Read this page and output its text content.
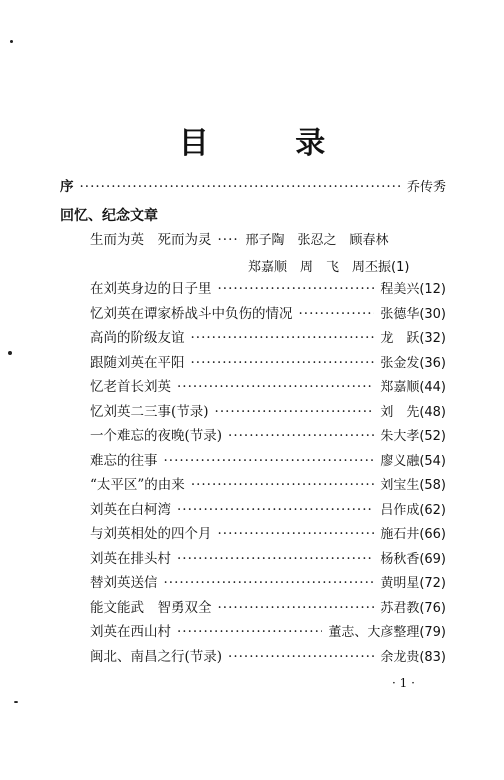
目 录
序 ·····	乔传秀
回忆、纪念文章
生而为英　死而为灵 ·····	邢子陶　张忍之　顾春林
郑嘉顺　周　飞　周丕振(1)
在刘英身边的日子里 ·····	程美兴(12)
忆刘英在谭家桥战斗中负伤的情况 ·····	张德华(30)
高尚的阶级友谊 ·····	龙　跃(32)
跟随刘英在平阳 ·····	张金发(36)
忆老首长刘英 ·····	郑嘉顺(44)
忆刘英二三事(节录) ·····	刘　先(48)
一个难忘的夜晚(节录) ·····	朱大孝(52)
难忘的往事 ·····	廖义融(54)
“太平区”的由来 ·····	刘宝生(58)
刘英在白柯湾 ·····	吕作成(62)
与刘英相处的四个月 ·····	施石井(66)
刘英在排头村 ·····	杨秋香(69)
替刘英送信 ·····	黄明星(72)
能文能武　智勇双全 ·····	苏君教(76)
刘英在西山村 ·····	董志、大彦整理(79)
闽北、南昌之行(节录) ·····	余龙贵(83)
· 1 ·
